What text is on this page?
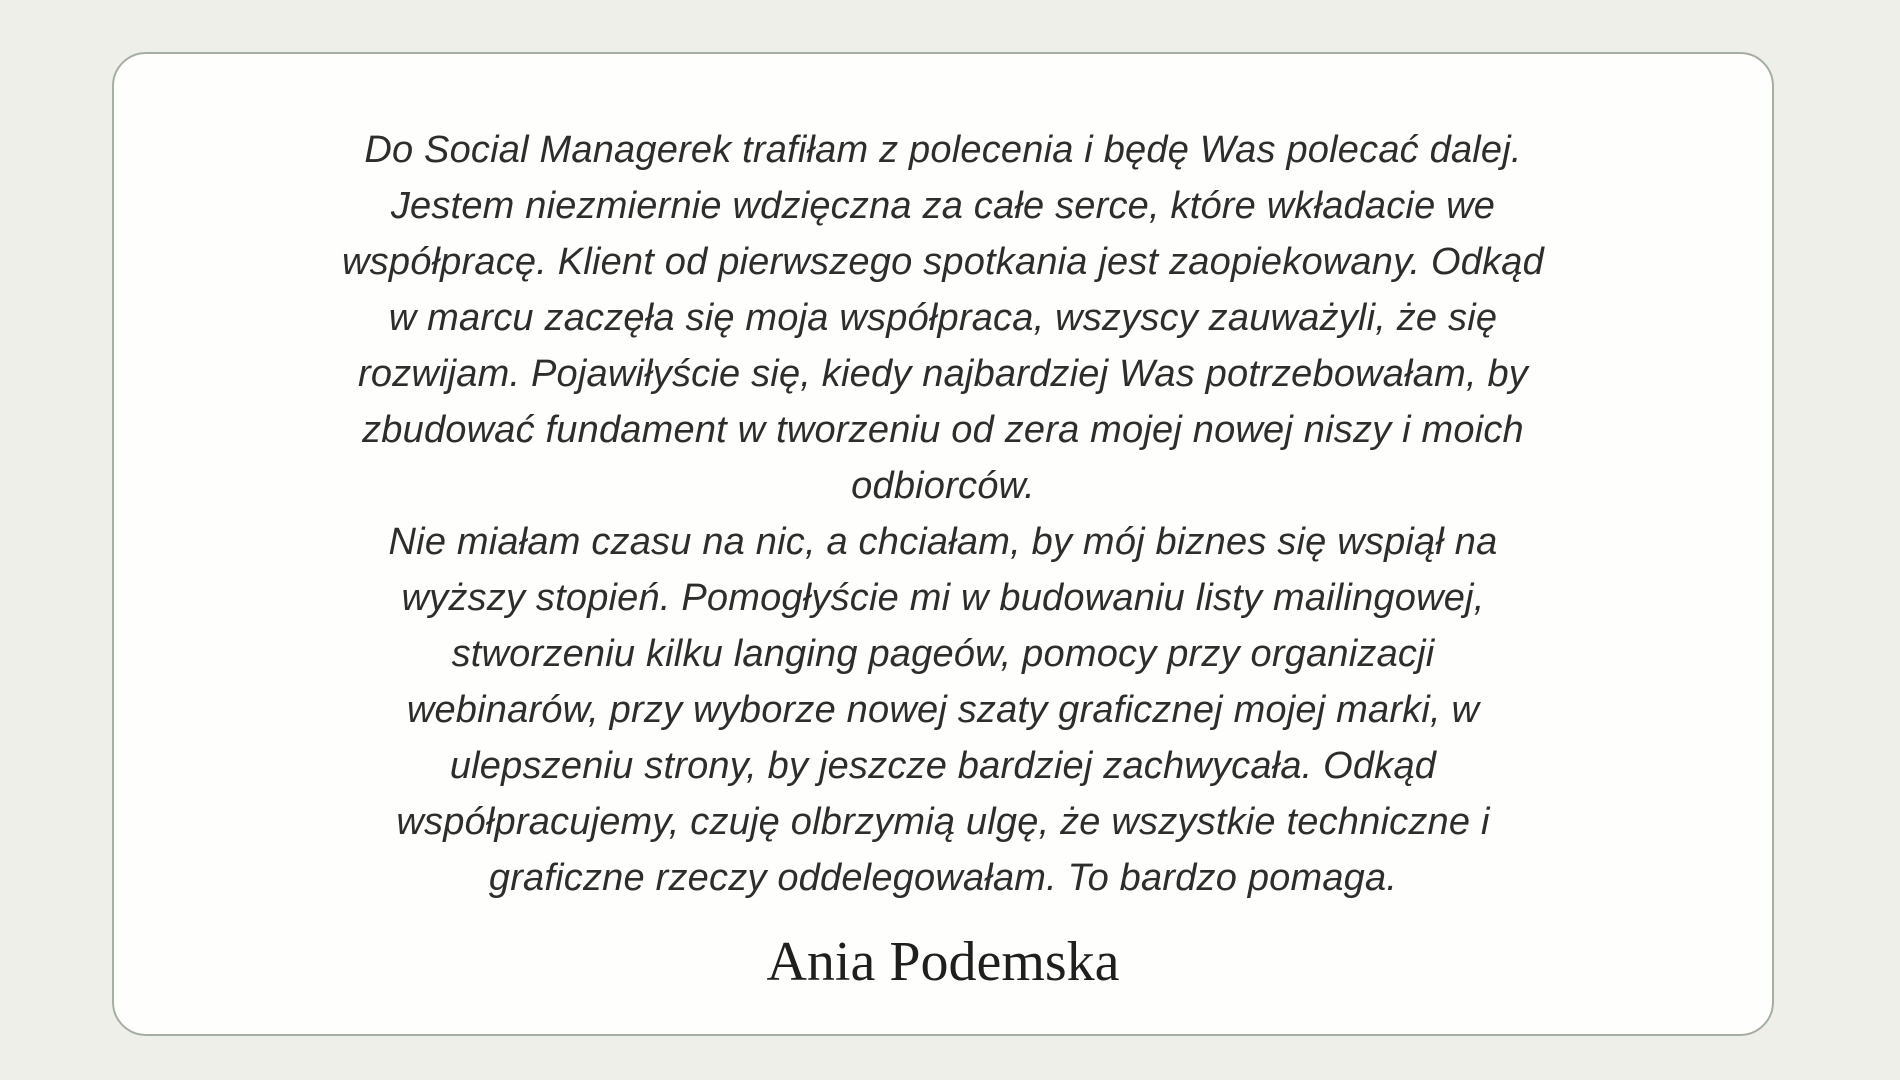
Do Social Managerek trafiłam z polecenia i będę Was polecać dalej.
Jestem niezmiernie wdzięczna za całe serce, które wkładacie we
współpracę. Klient od pierwszego spotkania jest zaopiekowany. Odkąd
w marcu zaczęła się moja współpraca, wszyscy zauważyli, że się
rozwijam. Pojawiłyście się, kiedy najbardziej Was potrzebowałam, by
zbudować fundament w tworzeniu od zera mojej nowej niszy i moich
odbiorców.
Nie miałam czasu na nic, a chciałam, by mój biznes się wspiął na
wyższy stopień. Pomogłyście mi w budowaniu listy mailingowej,
stworzeniu kilku langing pageów, pomocy przy organizacji
webinarów, przy wyborze nowej szaty graficznej mojej marki, w
ulepszeniu strony, by jeszcze bardziej zachwycała. Odkąd
współpracujemy, czuję olbrzymią ulgę, że wszystkie techniczne i
graficzne rzeczy oddelegowałam. To bardzo pomaga.
Ania Podemska
